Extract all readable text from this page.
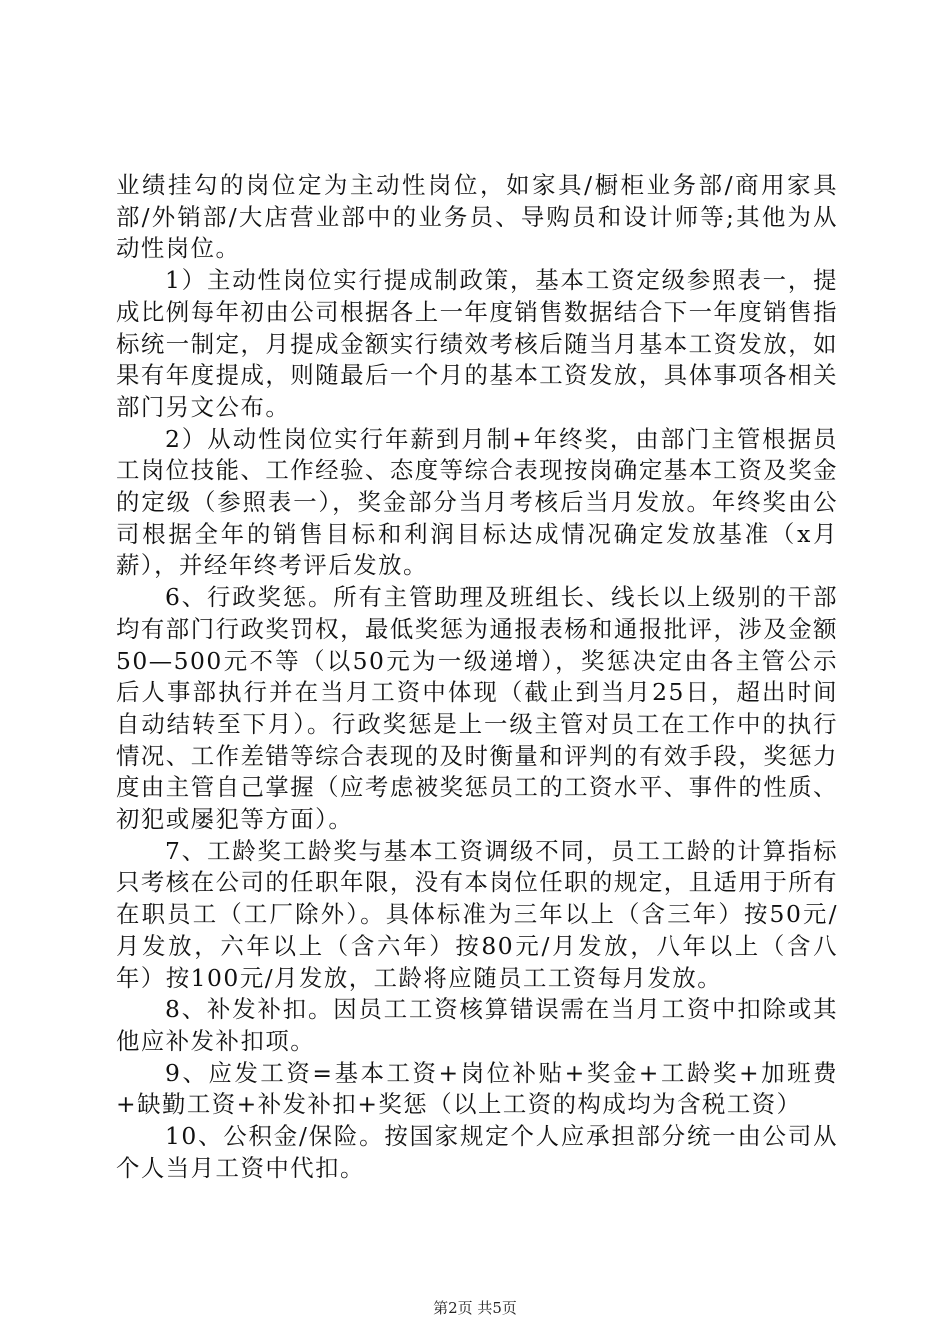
业绩挂勾的岗位定为主动性岗位，如家具/橱柜业务部/商用家具部/外销部/大店营业部中的业务员、导购员和设计师等;其他为从动性岗位。

1）主动性岗位实行提成制政策，基本工资定级参照表一，提成比例每年初由公司根据各上一年度销售数据结合下一年度销售指标统一制定，月提成金额实行绩效考核后随当月基本工资发放，如果有年度提成，则随最后一个月的基本工资发放，具体事项各相关部门另文公布。

2）从动性岗位实行年薪到月制+年终奖，由部门主管根据员工岗位技能、工作经验、态度等综合表现按岗确定基本工资及奖金的定级（参照表一），奖金部分当月考核后当月发放。年终奖由公司根据全年的销售目标和利润目标达成情况确定发放基准（x月薪），并经年终考评后发放。

6、行政奖惩。所有主管助理及班组长、线长以上级别的干部均有部门行政奖罚权，最低奖惩为通报表杨和通报批评，涉及金额50—500元不等（以50元为一级递增），奖惩决定由各主管公示后人事部执行并在当月工资中体现（截止到当月25日，超出时间自动结转至下月）。行政奖惩是上一级主管对员工在工作中的执行情况、工作差错等综合表现的及时衡量和评判的有效手段，奖惩力度由主管自己掌握（应考虑被奖惩员工的工资水平、事件的性质、初犯或屡犯等方面）。

7、工龄奖工龄奖与基本工资调级不同，员工工龄的计算指标只考核在公司的任职年限，没有本岗位任职的规定，且适用于所有在职员工（工厂除外）。具体标准为三年以上（含三年）按50元/月发放，六年以上（含六年）按80元/月发放，八年以上（含八年）按100元/月发放，工龄将应随员工工资每月发放。

8、补发补扣。因员工工资核算错误需在当月工资中扣除或其他应补发补扣项。

9、应发工资=基本工资+岗位补贴+奖金+工龄奖+加班费+缺勤工资+补发补扣+奖惩（以上工资的构成均为含税工资）

10、公积金/保险。按国家规定个人应承担部分统一由公司从个人当月工资中代扣。

第2页 共5页
